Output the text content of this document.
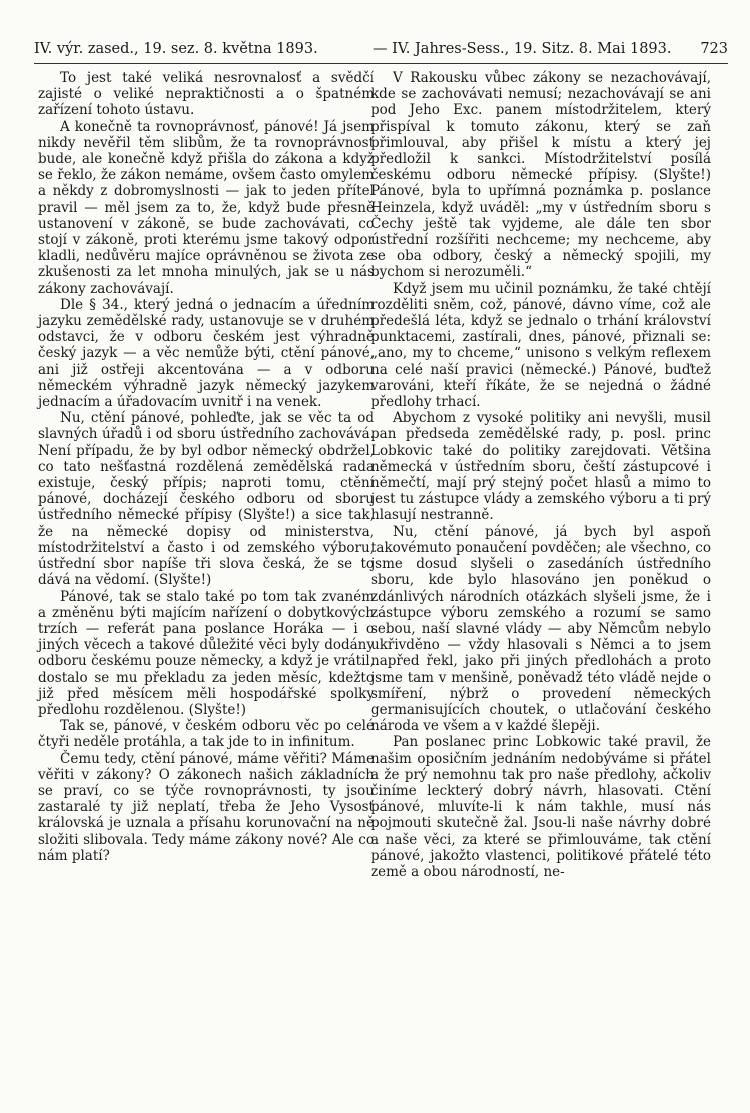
IV. výr. zased., 19. sez. 8. května 1893.	— IV. Jahres-Sess., 19. Sitz. 8. Mai 1893. 723

To jest také veliká nesrovnalosť a svědčí zajisté o veliké nepraktičnosti a o špatném zařízení tohoto ústavu.

A konečně ta rovnoprávnosť, pánové! Já jsem nikdy nevěřil těm slibům, že ta rovnoprávnosť bude, ale konečně když přišla do zákona a když se řeklo, že zákon nemáme, ovšem často omylem a někdy z dobromyslnosti — jak to jeden přítel pravil — měl jsem za to, že, když bude přesně ustanovení v zákoně, se bude zachovávati, co stojí v zákoně, proti kterému jsme takový odpor kladli, nedůvěru majíce oprávněnou se života ze zkušenosti za let mnoha minulých, jak se u nás zákony zachovávají.

Dle § 34., který jedná o jednacím a úředním jazyku zemědělské rady, ustanovuje se v druhém odstavci, že v odboru českém jest výhradně český jazyk — a věc nemůže býti, ctění pánové, ani již ostřeji akcentována — a v odboru německém výhradně jazyk německý jazykem jednacím a úřadovacím uvnitř i na venek.

Nu, ctění pánové, pohleďte, jak se věc ta od slavných úřadů i od sboru ústředního zachovává. Není případu, že by byl odbor německý obdržel, co tato nešťastná rozdělená zemědělská rada existuje, český přípis; naproti tomu, ctění pánové, docházejí českého odboru od sboru ústředního německé přípisy (Slyšte!) a sice tak, že na německé dopisy od ministerstva, místodržitelství a často i od zemského výboru, ústřední sbor napíše tři slova česká, že se to dává na vědomí. (Slyšte!)

Pánové, tak se stalo také po tom tak zvaném a změněnu býti majícím nařízení o dobytkových trzích — referát pana poslance Horáka — i o jiných věcech a takové důležité věci byly dodány odboru českému pouze německy, a když je vrátil, dostalo se mu překladu za jeden měsíc, kdežto již před měsícem měli hospodářské spolky předlohu rozdělenou. (Slyšte!)

Tak se, pánové, v českém odboru věc po celé čtyři neděle protáhla, a tak jde to in infinitum.

Čemu tedy, ctění pánové, máme věřiti? Máme věřiti v zákony? O zákonech našich základních se praví, co se týče rovnoprávnosti, ty jsou zastaralé ty již neplatí, třeba že Jeho Vysosť královská je uznala a přísahu korunovační na ně složiti slibovala. Tedy máme zákony nové? Ale co nám platí?

V Rakousku vůbec zákony se nezachovávají, kde se zachovávati nemusí; nezachovávají se ani pod Jeho Exc. panem místodržitelem, který přispíval k tomuto zákonu, který se zaň přimlouval, aby přišel k místu a který jej předložil k sankci. Místodržitelství posílá českému odboru německé přípisy. (Slyšte!) Pánové, byla to upřímná poznámka p. poslance Heinzela, když uváděl: „my v ústředním sboru s Čechy ještě tak vyjdeme, ale dále ten sbor ústřední rozšířiti nechceme; my nechceme, aby se oba odbory, český a německý spojili, my bychom si nerozuměli.“

Když jsem mu učinil poznámku, že také chtějí rozděliti sněm, což, pánové, dávno víme, což ale předešlá léta, když se jednalo o trhání království punktacemi, zastírali, dnes, pánové, přiznali se: „ano, my to chceme,“ unisono s velkým reflexem na celé naší pravici (německé.) Pánové, buďtež varováni, kteří říkáte, že se nejedná o žádné předlohy trhací.

Abychom z vysoké politiky ani nevyšli, musil pan předseda zemědělské rady, p. posl. princ Lobkovic také do politiky zarejdovati. Většina německá v ústředním sboru, čeští zástupcové i němečtí, mají prý stejný počet hlasů a mimo to jest tu zástupce vlády a zemského výboru a ti prý hlasují nestranně.

Nu, ctění pánové, já bych byl aspoň takovémuto ponaučení povděčen; ale všechno, co jsme dosud slyšeli o zasedáních ústředního sboru, kde bylo hlasováno jen poněkud o zdánlivých národních otázkách slyšeli jsme, že i zástupce výboru zemského a rozumí se samo sebou, naší slavné vlády — aby Němcům nebylo ukřivděno — vždy hlasovali s Němci a to jsem napřed řekl, jako při jiných předlohách a proto jsme tam v menšině, poněvadž této vládě nejde o smíření, nýbrž o provedení německých germanisujících choutek, o utlačování českého národa ve všem a v každé šlepěji.

Pan poslanec princ Lobkowic také pravil, že našim oposičním jednáním nedobýváme si přátel a že prý nemohnu tak pro naše předlohy, ačkoliv činíme leckterý dobrý návrh, hlasovati. Ctění pánové, mluvíte-li k nám takhle, musí nás pojmouti skutečně žal. Jsou-li naše návrhy dobré a naše věci, za které se přimlouváme, tak ctění pánové, jakožto vlastenci, politikové přátelé této země a obou národností, ne-
